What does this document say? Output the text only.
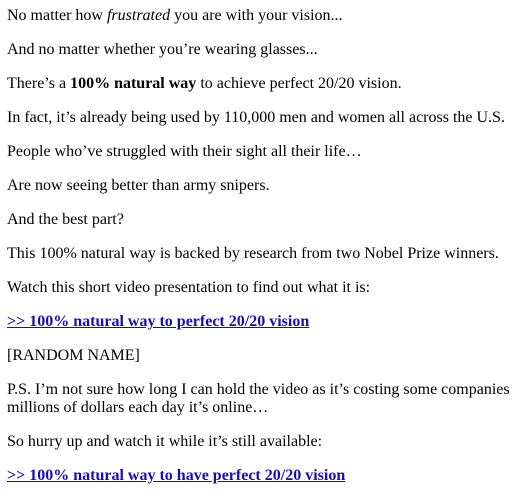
No matter how frustrated you are with your vision...

And no matter whether you’re wearing glasses...

There’s a 100% natural way to achieve perfect 20/20 vision.

In fact, it’s already being used by 110,000 men and women all across the U.S.

People who’ve struggled with their sight all their life…

Are now seeing better than army snipers.

And the best part?

This 100% natural way is backed by research from two Nobel Prize winners.

Watch this short video presentation to find out what it is:

>> 100% natural way to perfect 20/20 vision

[RANDOM NAME]

P.S. I’m not sure how long I can hold the video as it’s costing some companies millions of dollars each day it’s online…

So hurry up and watch it while it’s still available:

>> 100% natural way to have perfect 20/20 vision
